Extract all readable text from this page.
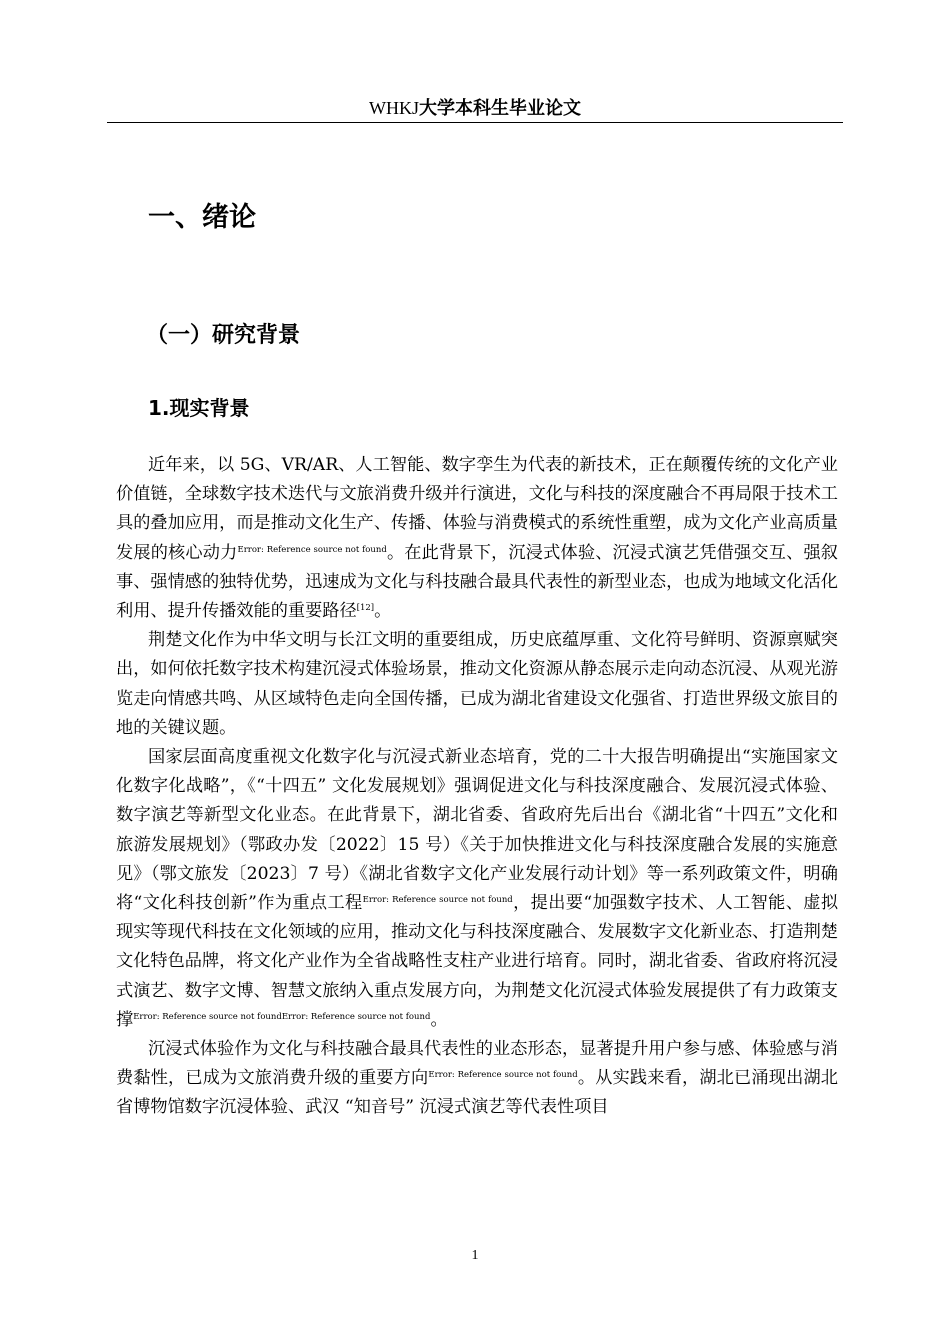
WHKJ大学本科生毕业论文
一、绪论
（一）研究背景
1.现实背景

近年来，以 5G、VR/AR、人工智能、数字孪生为代表的新技术，正在颠覆传统的文化产业价值链，全球数字技术迭代与文旅消费升级并行演进，文化与科技的深度融合不再局限于技术工具的叠加应用，而是推动文化生产、传播、体验与消费模式的系统性重塑，成为文化产业高质量发展的核心动力$^{Error: Reference source not found}$。在此背景下，沉浸式体验、沉浸式演艺凭借强交互、强叙事、强情感的独特优势，迅速成为文化与科技融合最具代表性的新型业态，也成为地域文化活化利用、提升传播效能的重要路径[12]。

荆楚文化作为中华文明与长江文明的重要组成，历史底蕴厚重、文化符号鲜明、资源禀赋突出，如何依托数字技术构建沉浸式体验场景，推动文化资源从静态展示走向动态沉浸、从观光游览走向情感共鸣、从区域特色走向全国传播，已成为湖北省建设文化强省、打造世界级文旅目的地的关键议题。

国家层面高度重视文化数字化与沉浸式新业态培育，党的二十大报告明确提出“实施国家文化数字化战略”，《“十四五” 文化发展规划》强调促进文化与科技深度融合、发展沉浸式体验、数字演艺等新型文化业态。在此背景下，湖北省委、省政府先后出台《湖北省“十四五”文化和旅游发展规划》（鄂政办发〔2022〕15 号）《关于加快推进文化与科技深度融合发展的实施意见》（鄂文旅发〔2023〕7 号）《湖北省数字文化产业发展行动计划》等一系列政策文件，明确将“文化科技创新”作为重点工程$^{Error: Reference source not found}$，提出要“加强数字技术、人工智能、虚拟现实等现代科技在文化领域的应用，推动文化与科技深度融合、发展数字文化新业态、打造荆楚文化特色品牌，将文化产业作为全省战略性支柱产业进行培育。同时，湖北省委、省政府将沉浸式演艺、数字文博、智慧文旅纳入重点发展方向，为荆楚文化沉浸式体验发展提供了有力政策支撑$^{Error: Reference source not foundError: Reference source not found}$。

沉浸式体验作为文化与科技融合最具代表性的业态形态，显著提升用户参与感、体验感与消费黏性，已成为文旅消费升级的重要方向$^{Error: Reference source not found}$。从实践来看，湖北已涌现出湖北省博物馆数字沉浸体验、武汉 “知音号” 沉浸式演艺等代表性项目

1
